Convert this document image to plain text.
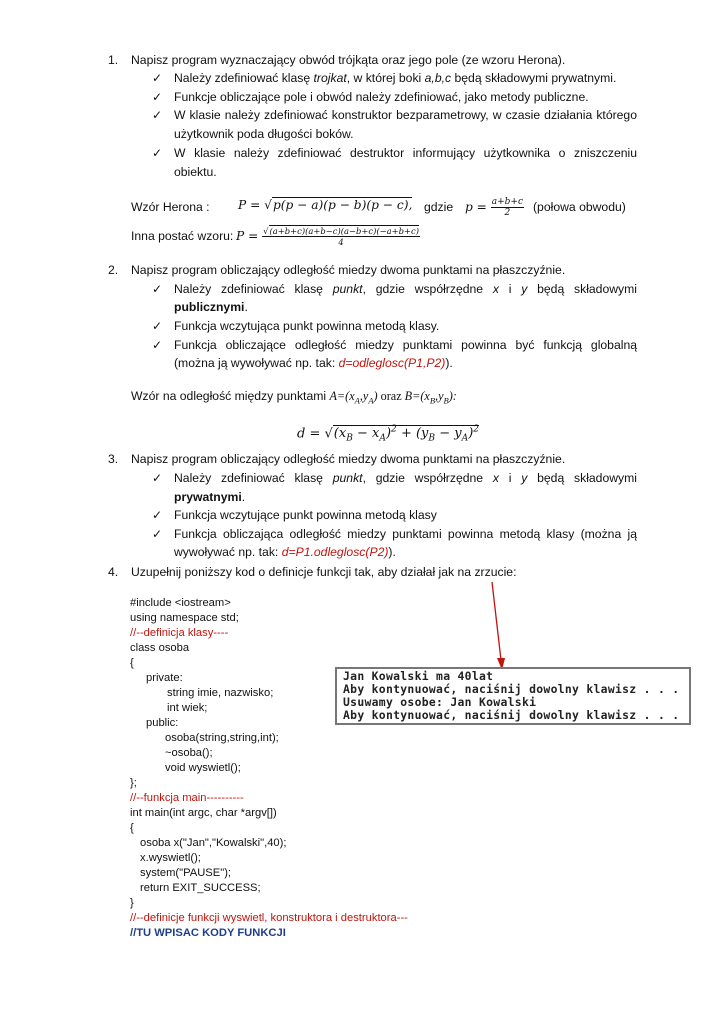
1. Napisz program wyznaczający obwód trójkąta oraz jego pole (ze wzoru Herona).
✓ Należy zdefiniować klasę trojkat, w której boki a,b,c będą składowymi prywatnymi.
✓ Funkcje obliczające pole i obwód należy zdefiniować, jako metody publiczne.
✓ W klasie należy zdefiniować konstruktor bezparametrowy, w czasie działania którego
użytkownik poda długości boków.
✓ W klasie należy zdefiniować destruktor informujący użytkownika o zniszczeniu
obiektu.
Wzór Herona : P = √p(p − a)(p − b)(p − c), gdzie $p = \frac{a+b+c}{2}$ (połowa obwodu)
Inna postać wzoru: $P = \frac{√(a+b+c)(a+b-c)(a-b+c)(-a+b+c)}{4}$
2. Napisz program obliczający odległość miedzy dwoma punktami na płaszczyźnie.
✓ Należy zdefiniować klasę punkt, gdzie współrzędne x i y będą składowymi
publicznymi.
✓ Funkcja wczytująca punkt powinna metodą klasy.
✓ Funkcja obliczające odległość miedzy punktami powinna być funkcją globalną
(można ją wywoływać np. tak: d=odleglosc(P1,P2)).
Wzór na odległość między punktami $A=(x_A,y_A)$ oraz $B=(x_B,y_B)$:
$d = √(x_B - x_A)^2 + (y_B - y_A)^2$
3. Napisz program obliczający odległość miedzy dwoma punktami na płaszczyźnie.
✓ Należy zdefiniować klasę punkt, gdzie współrzędne x i y będą składowymi
prywatnymi.
✓ Funkcja wczytujące punkt powinna metodą klasy
✓ Funkcja obliczająca odległość miedzy punktami powinna metodą klasy (można ją
wywoływać np. tak: d=P1.odleglosc(P2)).
4. Uzupełnij poniższy kod o definicje funkcji tak, aby działał jak na zrzucie:
#include <iostream>
using namespace std;
//--definicja klasy----
class osoba
{
private:
string imie, nazwisko;
int wiek;
public:
osoba(string,string,int);
~osoba();
void wyswietl();
};
//--funkcja main----------
int main(int argc, char *argv[])
{
osoba x("Jan","Kowalski",40);
x.wyswietl();
system("PAUSE");
return EXIT_SUCCESS;
}
//--definicje funkcji wyswietl, konstruktora i destruktora---
//TU WPISAC KODY FUNKCJI
Jan Kowalski ma 40lat
Aby kontynuować, naciśnij dowolny klawisz . . .
Usuwamy osobe: Jan Kowalski
Aby kontynuować, naciśnij dowolny klawisz . . .
